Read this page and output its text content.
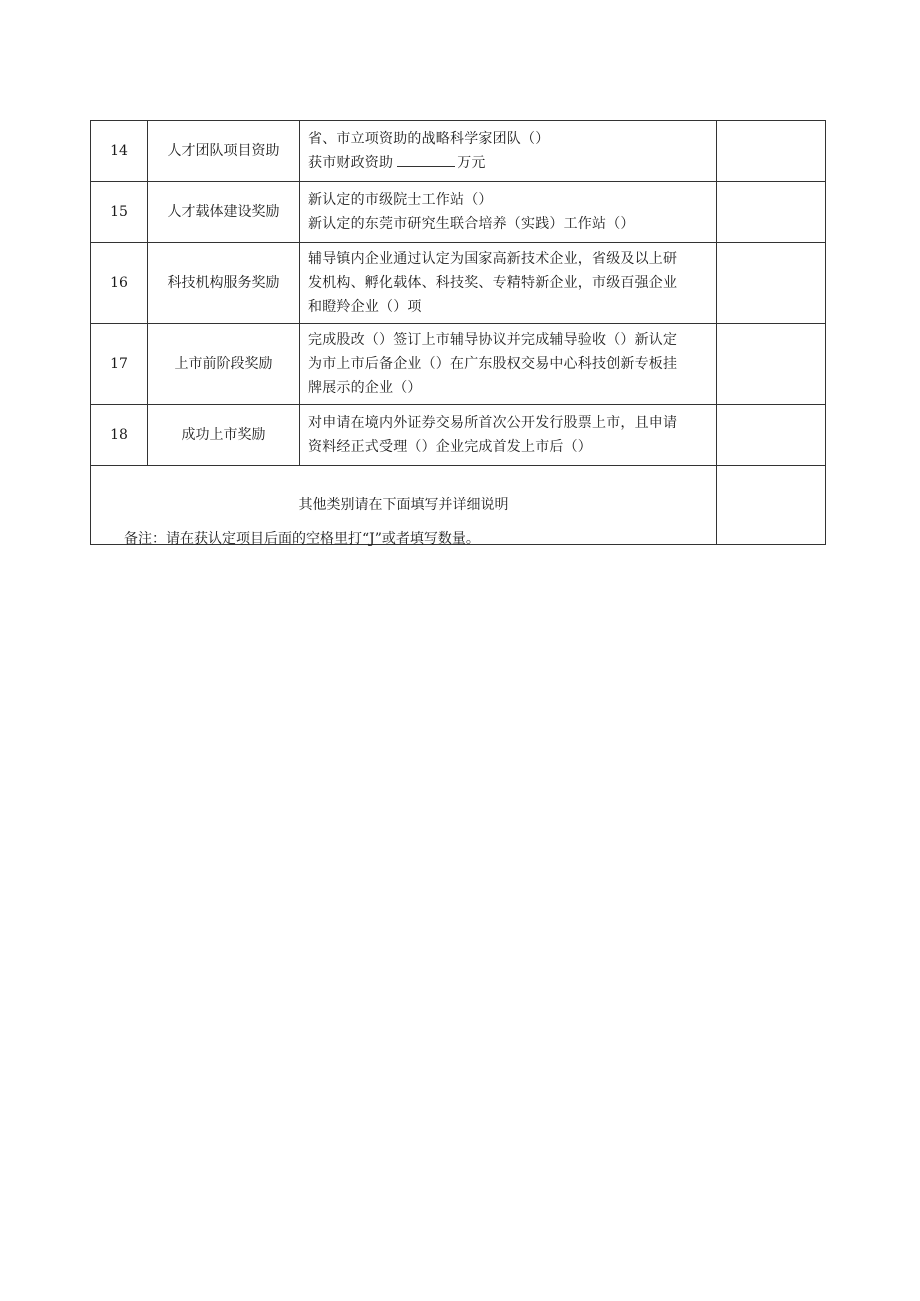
14	人才团队项目资助	省、市立项资助的战略科学家团队（）
获市财政资助 万元	

15	人才载体建设奖励	新认定的市级院士工作站（）
新认定的东莞市研究生联合培养（实践）工作站（）	

16	科技机构服务奖励	辅导镇内企业通过认定为国家高新技术企业，省级及以上研
发机构、孵化载体、科技奖、专精特新企业，市级百强企业
和瞪羚企业（）项	

17	上市前阶段奖励	完成股改（）签订上市辅导协议并完成辅导验收（）新认定
为市上市后备企业（）在广东股权交易中心科技创新专板挂
牌展示的企业（）	

18	成功上市奖励	对申请在境内外证券交易所首次公开发行股票上市，且申请
资料经正式受理（）企业完成首发上市后（）	

其他类别请在下面填写并详细说明			
备注：请在获认定项目后面的空格里打“J”或者填写数量。
